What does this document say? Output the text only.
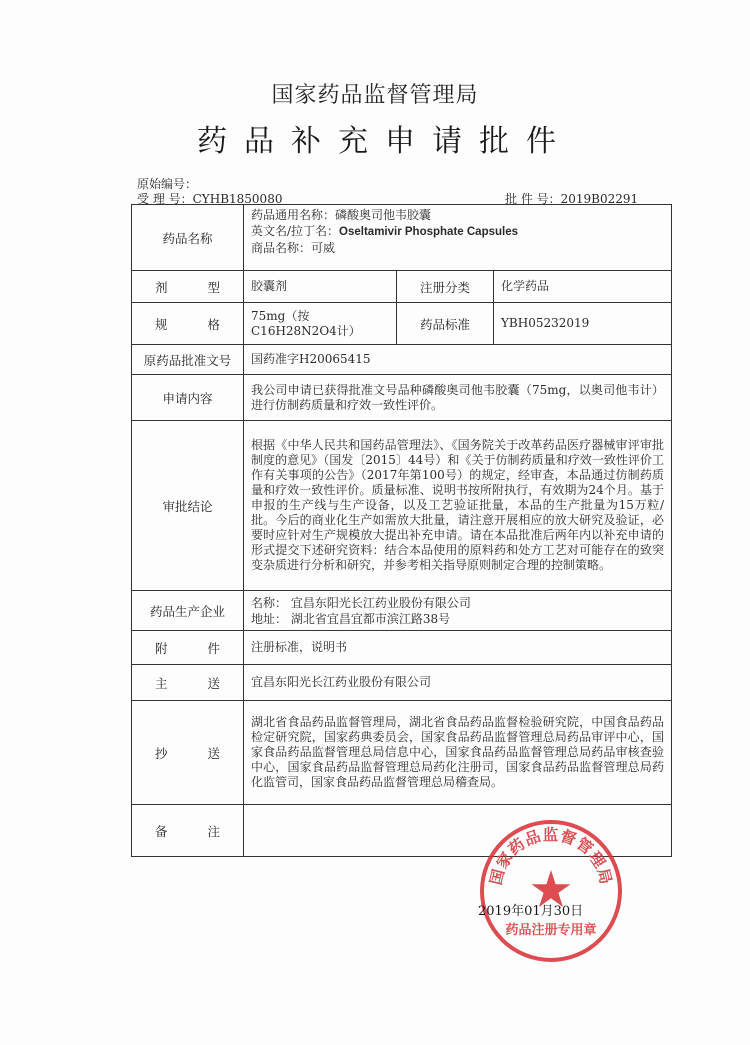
国家药品监督管理局
药品补充申请批件
原始编号：
受 理 号：CYHB1850080	批 件 号：2019B02291
药品名称	药品通用名称：磷酸奥司他韦胶囊
英文名/拉丁名：Oseltamivir Phosphate Capsules
商品名称：可威		

剂 型	胶囊剂	注册分类	化学药品
规 格	75mg（按C16H28N2O4计）	药品标准	YBH05232019
原药品批准文号	国药准字H20065415		
申请内容	我公司申请已获得批准文号品种磷酸奥司他韦胶囊（75mg，以奥司他韦计）进行仿制药质量和疗效一致性评价。		
审批结论	根据《中华人民共和国药品管理法》、《国务院关于改革药品医疗器械审评审批制度的意见》（国发〔2015〕44号）和《关于仿制药质量和疗效一致性评价工作有关事项的公告》（2017年第100号）的规定，经审查，本品通过仿制药质量和疗效一致性评价。质量标准、说明书按所附执行，有效期为24个月。基于申报的生产线与生产设备，以及工艺验证批量，本品的生产批量为15万粒/批。今后的商业化生产如需放大批量，请注意开展相应的放大研究及验证，必要时应针对生产规模放大提出补充申请。请在本品批准后两年内以补充申请的形式提交下述研究资料：结合本品使用的原料药和处方工艺对可能存在的致突变杂质进行分析和研究，并参考相关指导原则制定合理的控制策略。		
药品生产企业	名称： 宜昌东阳光长江药业股份有限公司
地址： 湖北省宜昌宜都市滨江路38号		

附 件	注册标准，说明书		
主 送	宜昌东阳光长江药业股份有限公司		
抄 送	湖北省食品药品监督管理局，湖北省食品药品监督检验研究院，中国食品药品检定研究院，国家药典委员会，国家食品药品监督管理总局药品审评中心，国家食品药品监督管理总局信息中心，国家食品药品监督管理总局药品审核查验中心，国家食品药品监督管理总局药化注册司，国家食品药品监督管理总局药化监管司，国家食品药品监督管理总局稽查局。		
备 注			
国家药品监督管理局
药品注册专用章
2019年01月30日
